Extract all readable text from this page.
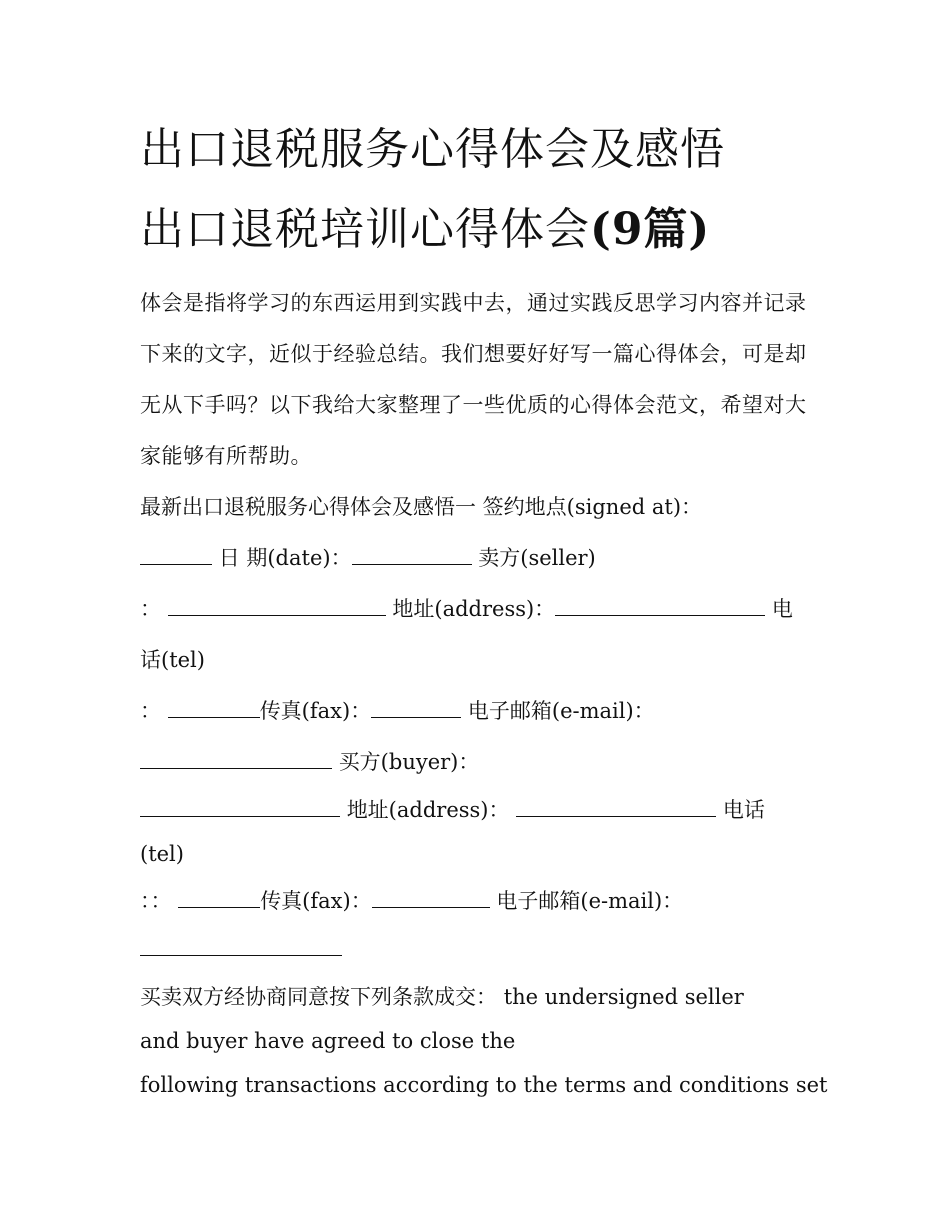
出口退税服务心得体会及感悟
出口退税培训心得体会(9篇)

体会是指将学习的东西运用到实践中去，通过实践反思学习内容并记录下来的文字，近似于经验总结。我们想要好好写一篇心得体会，可是却无从下手吗？以下我给大家整理了一些优质的心得体会范文，希望对大家能够有所帮助。

最新出口退税服务心得体会及感悟一 签约地点(signed at)：
日 期(date)：	卖方(seller)
：	地址(address)：	电
话(tel)
：	传真(fax)：	电子邮箱(e-mail)：
买方(buyer)：
地址(address)：	电话
(tel)
：：	传真(fax)：	电子邮箱(e-mail)：
买卖双方经协商同意按下列条款成交： the undersigned seller
and buyer have agreed to close the
following transactions according to the terms and conditions set
